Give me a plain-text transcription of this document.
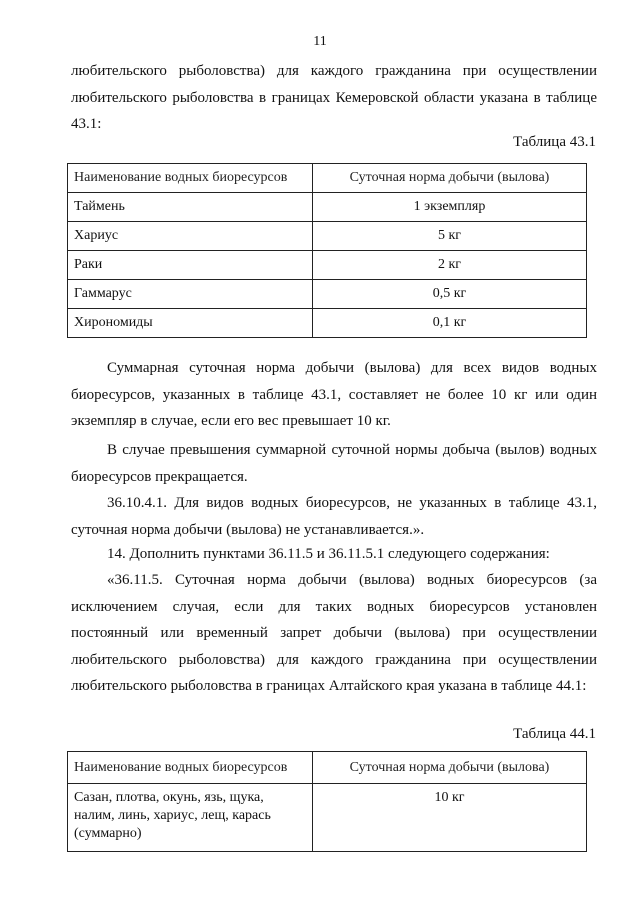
11

любительского рыболовства) для каждого гражданина при осуществлении любительского рыболовства в границах Кемеровской области указана в таблице 43.1:

Таблица 43.1
Наименование водных биоресурсов	Суточная норма добычи (вылова)
Таймень	1 экземпляр
Хариус	5 кг
Раки	2 кг
Гаммарус	0,5 кг
Хирономиды	0,1 кг

Суммарная суточная норма добычи (вылова) для всех видов водных биоресурсов, указанных в таблице 43.1, составляет не более 10 кг или один экземпляр в случае, если его вес превышает 10 кг.

В случае превышения суммарной суточной нормы добыча (вылов) водных биоресурсов прекращается.

36.10.4.1. Для видов водных биоресурсов, не указанных в таблице 43.1, суточная норма добычи (вылова) не устанавливается.».

14. Дополнить пунктами 36.11.5 и 36.11.5.1 следующего содержания:

«36.11.5. Суточная норма добычи (вылова) водных биоресурсов (за исключением случая, если для таких водных биоресурсов установлен постоянный или временный запрет добычи (вылова) при осуществлении любительского рыболовства) для каждого гражданина при осуществлении любительского рыболовства в границах Алтайского края указана в таблице 44.1:

Таблица 44.1
Наименование водных биоресурсов	Суточная норма добычи (вылова)
Сазан, плотва, окунь, язь, щука, налим, линь, хариус, лещ, карась (суммарно)	10 кг
